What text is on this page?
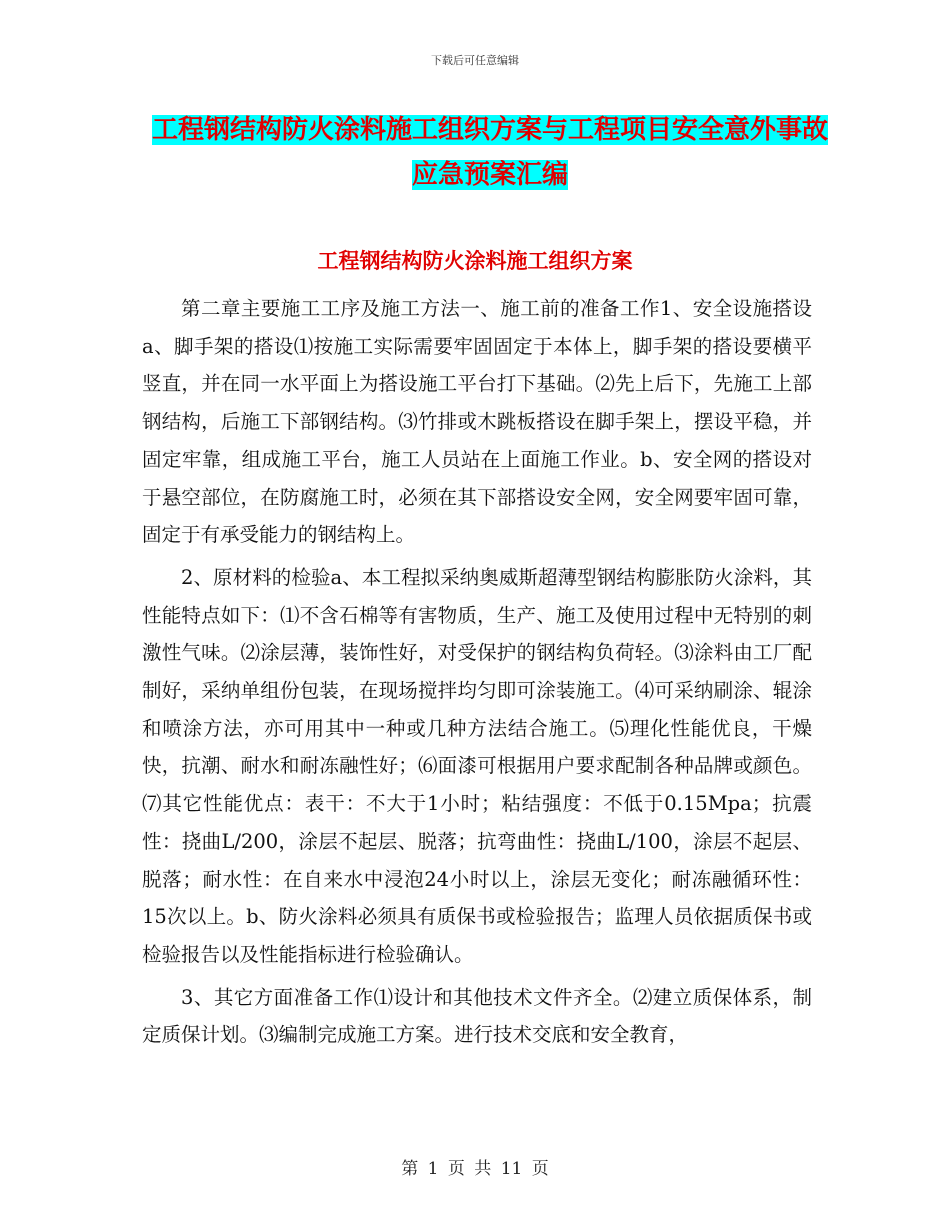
下载后可任意编辑
工程钢结构防火涂料施工组织方案与工程项目安全意外事故应急预案汇编
工程钢结构防火涂料施工组织方案

第二章主要施工工序及施工方法一、施工前的准备工作1、安全设施搭设a、脚手架的搭设⑴按施工实际需要牢固固定于本体上，脚手架的搭设要横平竖直，并在同一水平面上为搭设施工平台打下基础。⑵先上后下，先施工上部钢结构，后施工下部钢结构。⑶竹排或木跳板搭设在脚手架上，摆设平稳，并固定牢靠，组成施工平台，施工人员站在上面施工作业。b、安全网的搭设对于悬空部位，在防腐施工时，必须在其下部搭设安全网，安全网要牢固可靠，固定于有承受能力的钢结构上。

2、原材料的检验a、本工程拟采纳奥威斯超薄型钢结构膨胀防火涂料，其性能特点如下：⑴不含石棉等有害物质，生产、施工及使用过程中无特别的刺激性气味。⑵涂层薄，装饰性好，对受保护的钢结构负荷轻。⑶涂料由工厂配制好，采纳单组份包装，在现场搅拌均匀即可涂装施工。⑷可采纳刷涂、辊涂和喷涂方法，亦可用其中一种或几种方法结合施工。⑸理化性能优良，干燥快，抗潮、耐水和耐冻融性好；⑹面漆可根据用户要求配制各种品牌或颜色。⑺其它性能优点：表干：不大于1小时；粘结强度：不低于0.15Mpa；抗震性：挠曲L/200，涂层不起层、脱落；抗弯曲性：挠曲L/100，涂层不起层、脱落；耐水性：在自来水中浸泡24小时以上，涂层无变化；耐冻融循环性：15次以上。b、防火涂料必须具有质保书或检验报告；监理人员依据质保书或检验报告以及性能指标进行检验确认。

3、其它方面准备工作⑴设计和其他技术文件齐全。⑵建立质保体系，制定质保计划。⑶编制完成施工方案。进行技术交底和安全教育，

第 1 页 共 11 页
